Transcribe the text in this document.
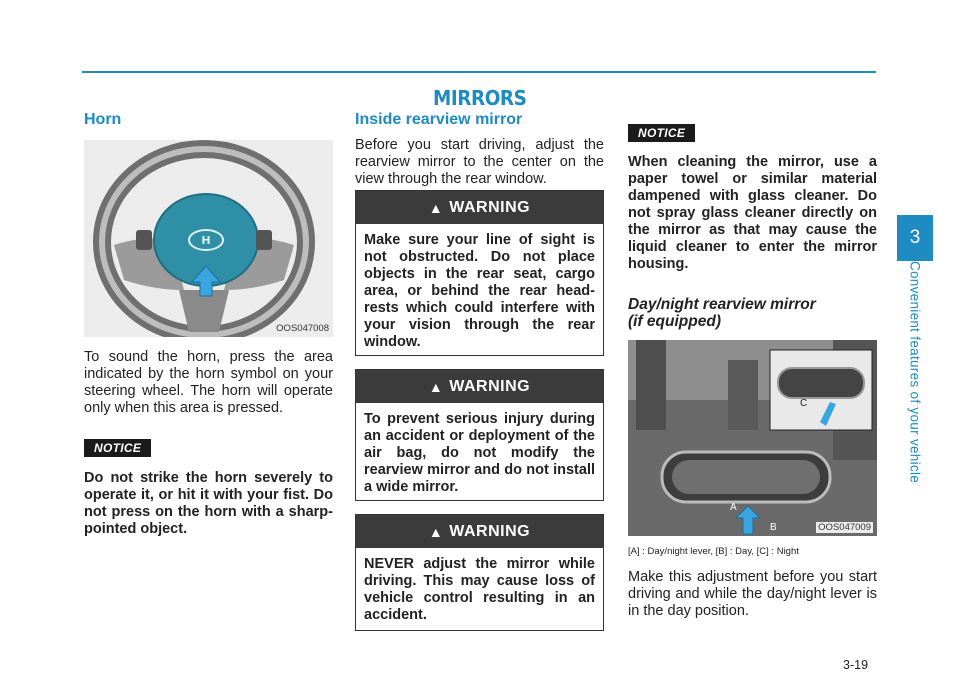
MIRRORS

Horn

H
OOS047008

To sound the horn, press the area indicated by the horn symbol on your steering wheel. The horn will operate only when this area is pressed.

NOTICE

Do not strike the horn severely to operate it, or hit it with your fist. Do not press on the horn with a sharp-pointed object.

Inside rearview mirror

Before you start driving, adjust the rearview mirror to the center on the view through the rear window.

▲ WARNING

Make sure your line of sight is not obstructed. Do not place objects in the rear seat, cargo area, or behind the rear head-rests which could interfere with your vision through the rear window.

▲ WARNING

To prevent serious injury during an accident or deployment of the air bag, do not modify the rearview mirror and do not install a wide mirror.

▲ WARNING

NEVER adjust the mirror while driving. This may cause loss of vehicle control resulting in an accident.

NOTICE

When cleaning the mirror, use a paper towel or similar material dampened with glass cleaner. Do not spray glass cleaner directly on the mirror as that may cause the liquid cleaner to enter the mirror housing.

Day/night rearview mirror
(if equipped)

A
B
C
OOS047009

[A] : Day/night lever, [B] : Day, [C] : Night

Make this adjustment before you start driving and while the day/night lever is in the day position.

3
Convenient features of your vehicle
3-19
